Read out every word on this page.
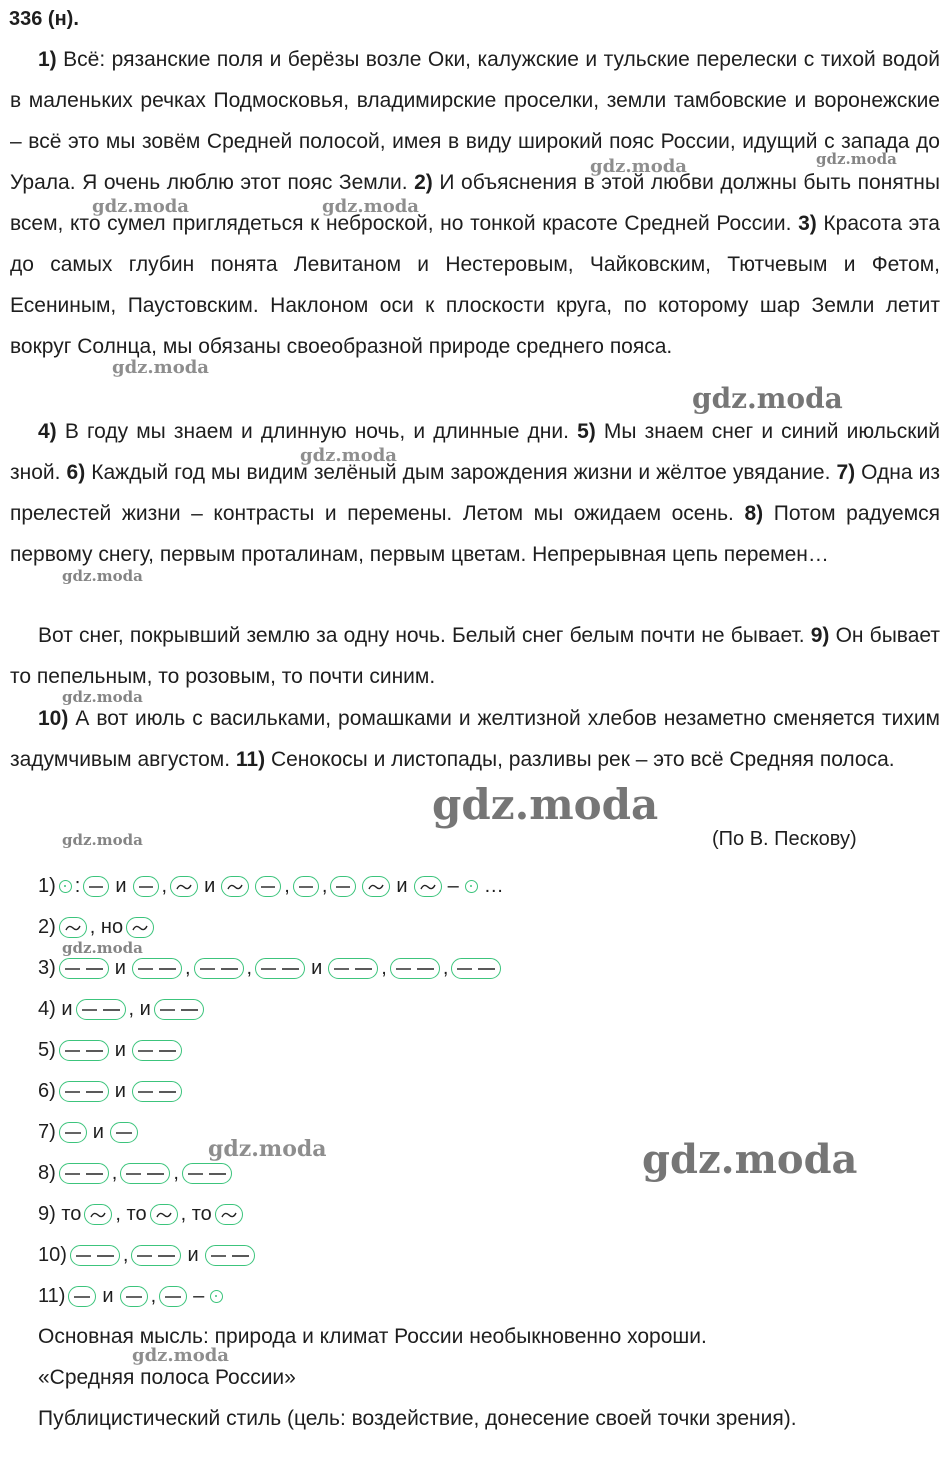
336 (н).

1) Всё: рязанские поля и берёзы возле Оки, калужские и тульские перелески с тихой водой в маленьких речках Подмосковья, владимирские проселки, земли тамбовские и воронежские – всё это мы зовём Средней полосой, имея в виду широкий пояс России, идущий с запада до Урала. Я очень люблю этот пояс Земли. 2) И объяснения в этой любви должны быть понятны всем, кто сумел приглядеться к неброской, но тонкой красоте Средней России. 3) Красота эта до самых глубин понята Левитаном и Нестеровым, Чайковским, Тютчевым и Фетом, Есениным, Паустовским. Наклоном оси к плоскости круга, по которому шар Земли летит вокруг Солнца, мы обязаны своеобразной природе среднего пояса.

4) В году мы знаем и длинную ночь, и длинные дни. 5) Мы знаем снег и синий июльский зной. 6) Каждый год мы видим зелёный дым зарождения жизни и жёлтое увядание. 7) Одна из прелестей жизни – контрасты и перемены. Летом мы ожидаем осень. 8) Потом радуемся первому снегу, первым проталинам, первым цветам. Непрерывная цепь перемен…

Вот снег, покрывший землю за одну ночь. Белый снег белым почти не бывает. 9) Он бывает то пепельным, то розовым, то почти синим.

10) А вот июль с васильками, ромашками и желтизной хлебов незаметно сменяется тихим задумчивым августом. 11) Сенокосы и листопады, разливы рек – это всё Средняя полоса.

(По В. Пескову)
1) : и , и	, ,	и – …
2) , но
3)	и	,	,	и	,	,
4) и	, и
5)	и
6)	и
7) и
8)	,	,
9) то , то , то
10)	,	и
11) и , –
Основная мысль: природа и климат России необыкновенно хороши.
«Средняя полоса России»
Публицистический стиль (цель: воздействие, донесение своей точки зрения).
gdz.moda	gdz.moda
gdz.moda	gdz.moda
gdz.moda
gdz.moda
gdz.moda
gdz.moda
gdz.moda
gdz.moda
gdz.moda
gdz.moda
gdz.moda	gdz.moda
gdz.moda
